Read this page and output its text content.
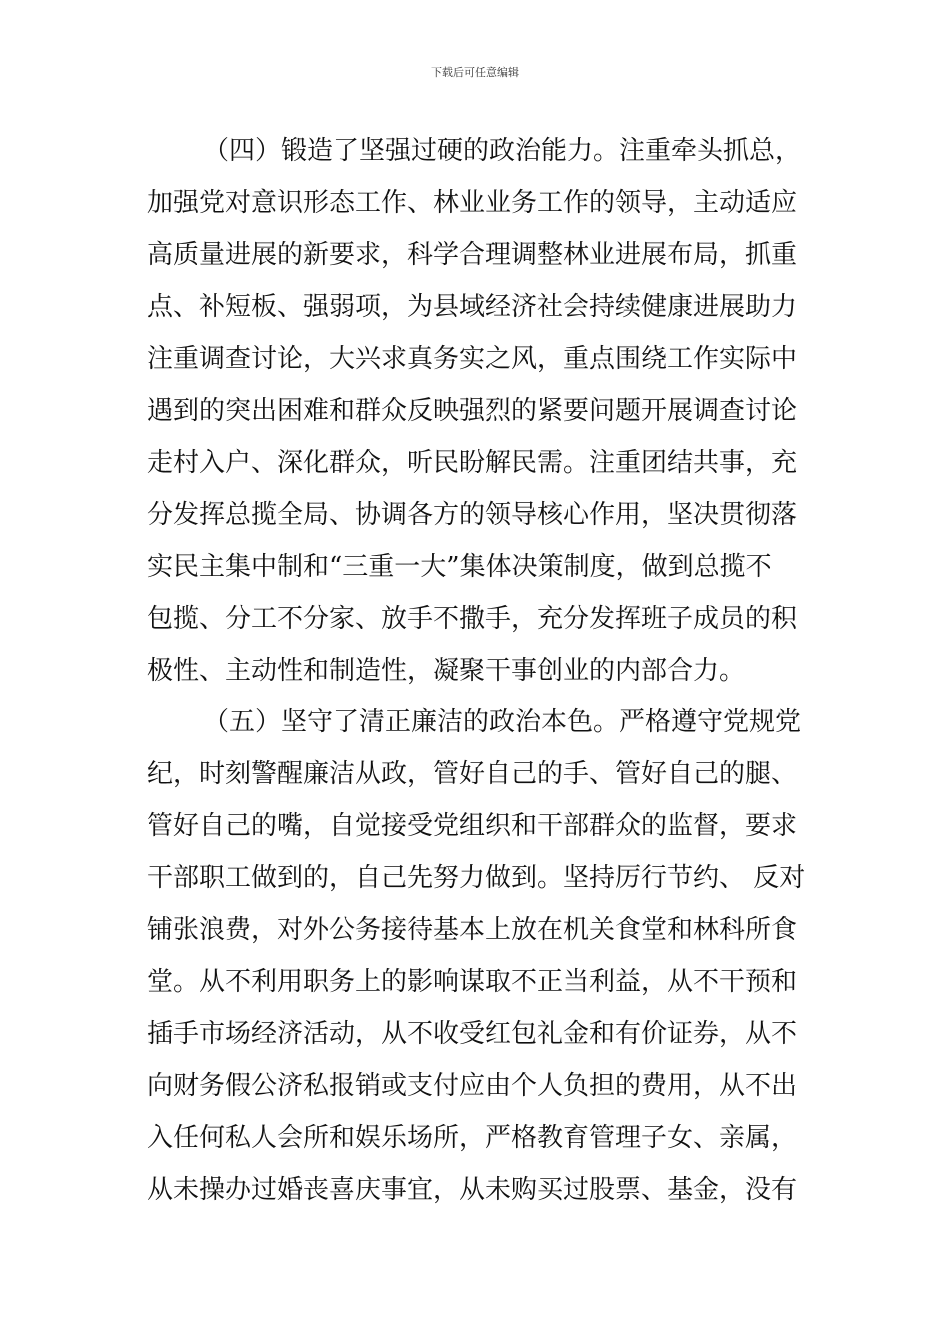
下载后可任意编辑
（四）锻造了坚强过硬的政治能力。注重牵头抓总，
加强党对意识形态工作、林业业务工作的领导，主动适应
高质量进展的新要求，科学合理调整林业进展布局，抓重
点、补短板、强弱项，为县域经济社会持续健康进展助力
注重调查讨论，大兴求真务实之风，重点围绕工作实际中
遇到的突出困难和群众反映强烈的紧要问题开展调查讨论
走村入户、深化群众，听民盼解民需。注重团结共事，充
分发挥总揽全局、协调各方的领导核心作用，坚决贯彻落
实民主集中制和“三重一大”集体决策制度，做到总揽不
包揽、分工不分家、放手不撒手，充分发挥班子成员的积
极性、主动性和制造性，凝聚干事创业的内部合力。
（五）坚守了清正廉洁的政治本色。严格遵守党规党
纪，时刻警醒廉洁从政，管好自己的手、管好自己的腿、
管好自己的嘴，自觉接受党组织和干部群众的监督，要求
干部职工做到的，自己先努力做到。坚持厉行节约、 反对
铺张浪费，对外公务接待基本上放在机关食堂和林科所食
堂。从不利用职务上的影响谋取不正当利益，从不干预和
插手市场经济活动，从不收受红包礼金和有价证券，从不
向财务假公济私报销或支付应由个人负担的费用，从不出
入任何私人会所和娱乐场所，严格教育管理子女、亲属，
从未操办过婚丧喜庆事宜，从未购买过股票、基金，没有
